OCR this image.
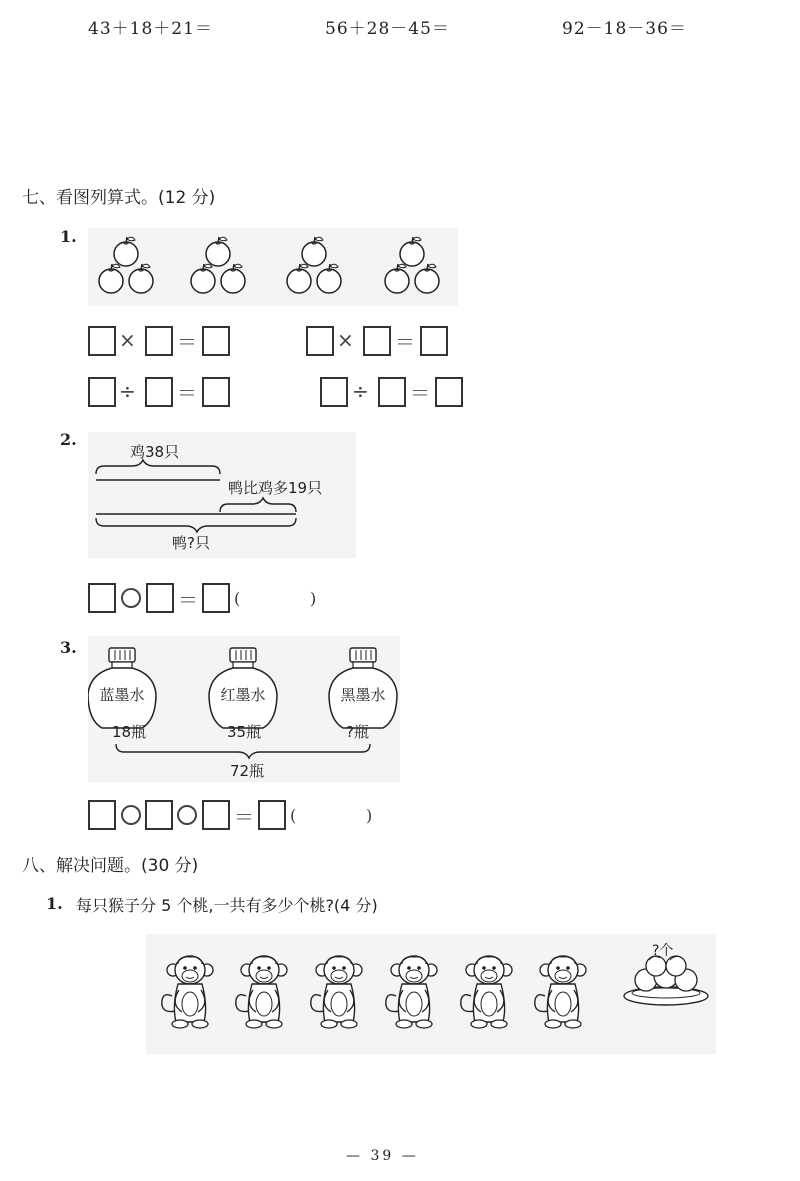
43＋18＋21＝	56＋28－45＝	92－18－36＝
七、看图列算式。(12 分)
1.
× ＝	× ＝
÷ ＝	÷ ＝
2.
鸡38只
鸭比鸡多19只
鸭?只
＝ (	)
3.
蓝墨水	红墨水	黑墨水
18瓶	35瓶	?瓶
72瓶
＝ (	)
八、解决问题。(30 分)
1. 每只猴子分 5 个桃,一共有多少个桃?(4 分)
?个
— 39 —
